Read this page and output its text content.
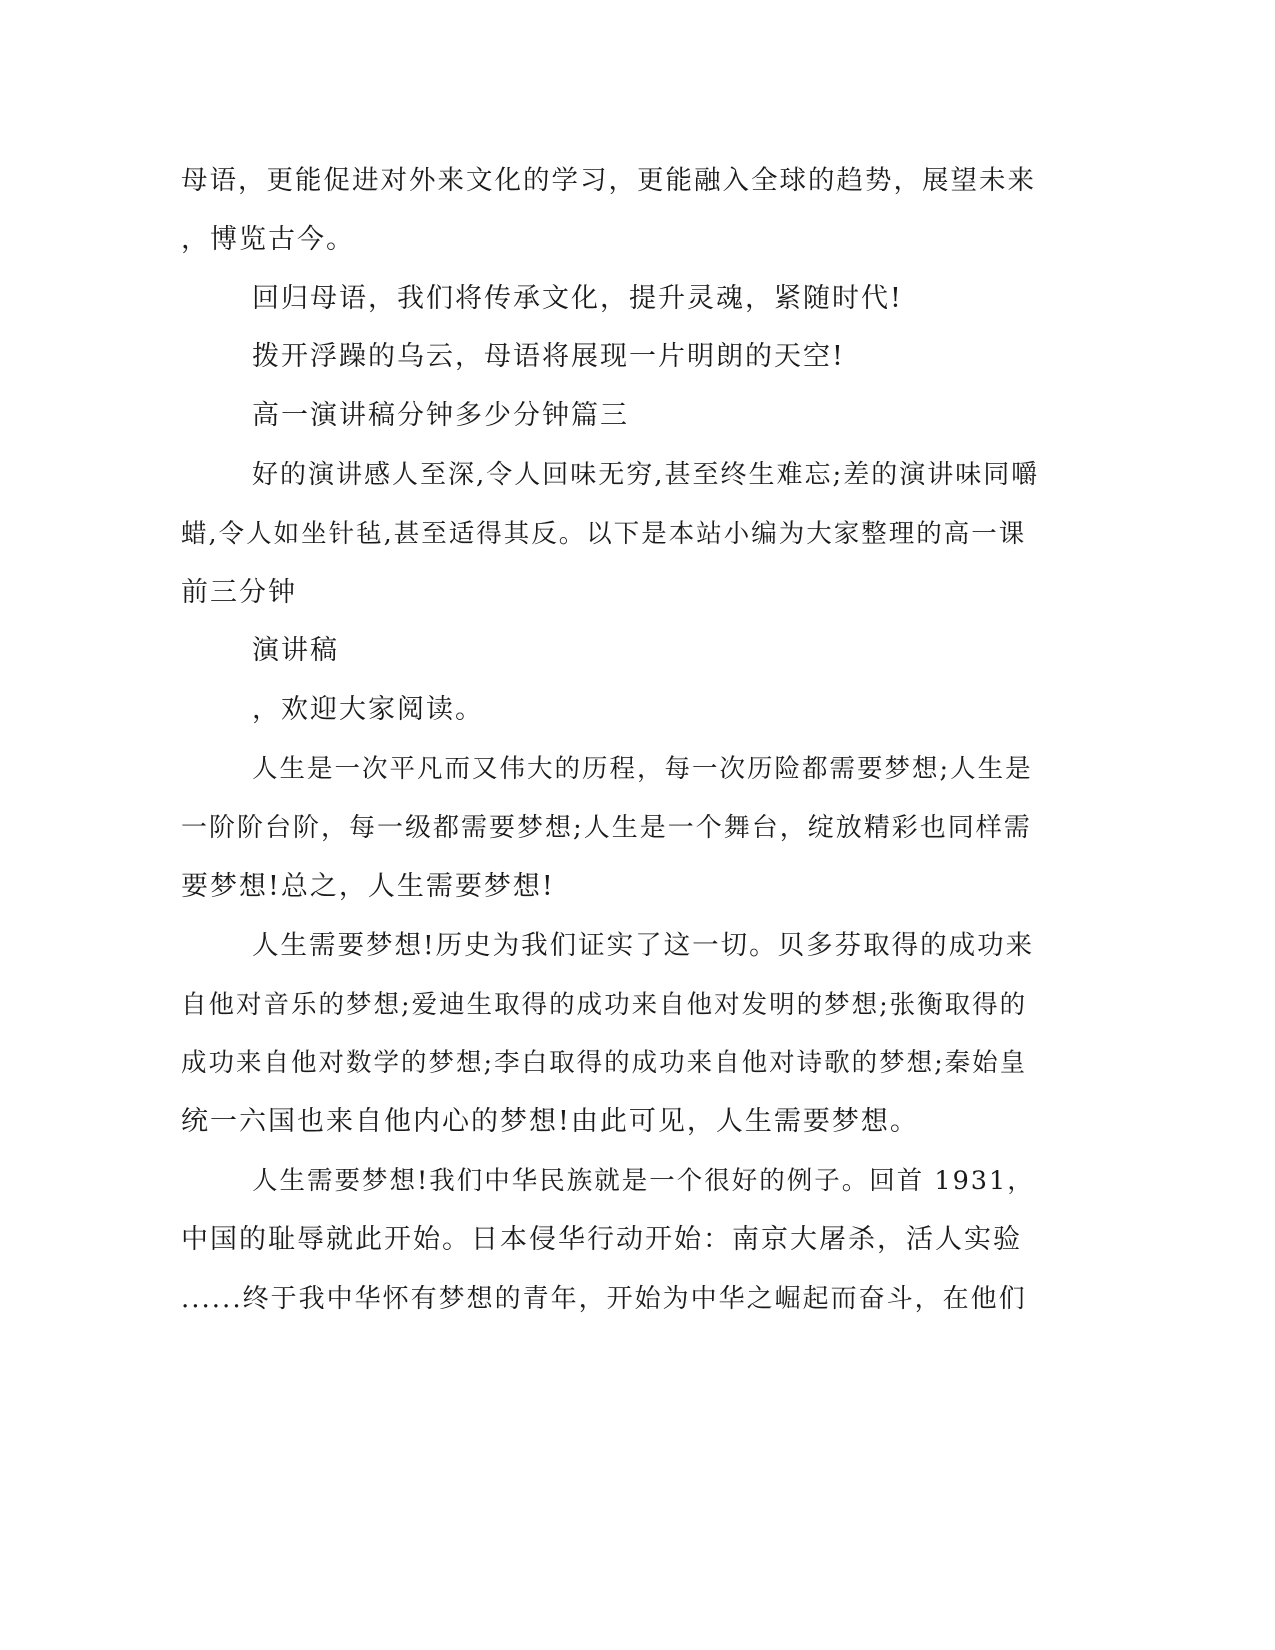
母语，更能促进对外来文化的学习，更能融入全球的趋势，展望未来
，博览古今。
回归母语，我们将传承文化，提升灵魂，紧随时代!
拨开浮躁的乌云，母语将展现一片明朗的天空!
高一演讲稿分钟多少分钟篇三
好的演讲感人至深,令人回味无穷,甚至终生难忘;差的演讲味同嚼
蜡,令人如坐针毡,甚至适得其反。以下是本站小编为大家整理的高一课
前三分钟
演讲稿
，欢迎大家阅读。
人生是一次平凡而又伟大的历程，每一次历险都需要梦想;人生是
一阶阶台阶，每一级都需要梦想;人生是一个舞台，绽放精彩也同样需
要梦想!总之，人生需要梦想!
人生需要梦想!历史为我们证实了这一切。贝多芬取得的成功来
自他对音乐的梦想;爱迪生取得的成功来自他对发明的梦想;张衡取得的
成功来自他对数学的梦想;李白取得的成功来自他对诗歌的梦想;秦始皇
统一六国也来自他内心的梦想!由此可见，人生需要梦想。
人生需要梦想!我们中华民族就是一个很好的例子。回首 1931，
中国的耻辱就此开始。日本侵华行动开始：南京大屠杀，活人实验
......终于我中华怀有梦想的青年，开始为中华之崛起而奋斗，在他们
